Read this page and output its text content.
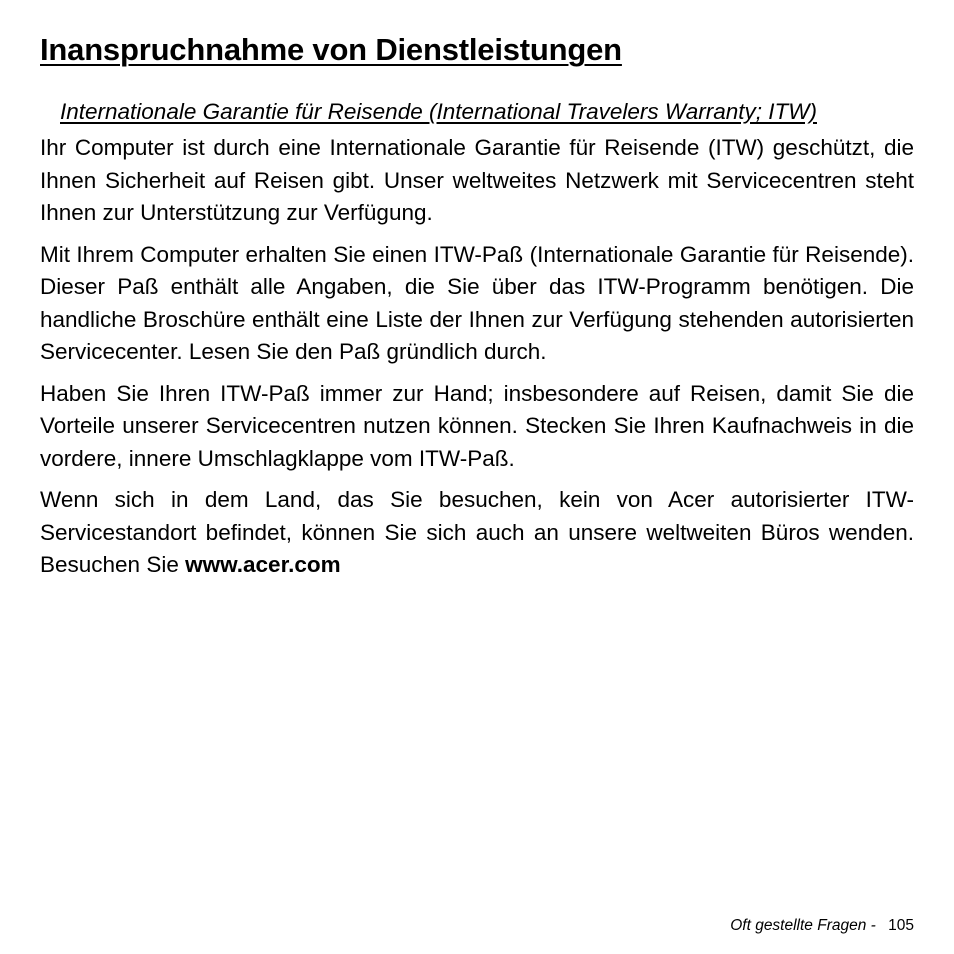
Inanspruchnahme von Dienstleistungen
Internationale Garantie für Reisende (International Travelers Warranty; ITW)

Ihr Computer ist durch eine Internationale Garantie für Reisende (ITW) geschützt, die Ihnen Sicherheit auf Reisen gibt. Unser weltweites Netzwerk mit Servicecentren steht Ihnen zur Unterstützung zur Verfügung.

Mit Ihrem Computer erhalten Sie einen ITW-Paß (Internationale Garantie für Reisende). Dieser Paß enthält alle Angaben, die Sie über das ITW-Programm benötigen. Die handliche Broschüre enthält eine Liste der Ihnen zur Verfügung stehenden autorisierten Servicecenter. Lesen Sie den Paß gründlich durch.

Haben Sie Ihren ITW-Paß immer zur Hand; insbesondere auf Reisen, damit Sie die Vorteile unserer Servicecentren nutzen können. Stecken Sie Ihren Kaufnachweis in die vordere, innere Umschlagklappe vom ITW-Paß.

Wenn sich in dem Land, das Sie besuchen, kein von Acer autorisierter ITW-Servicestandort befindet, können Sie sich auch an unsere weltweiten Büros wenden. Besuchen Sie www.acer.com

Oft gestellte Fragen - 105
